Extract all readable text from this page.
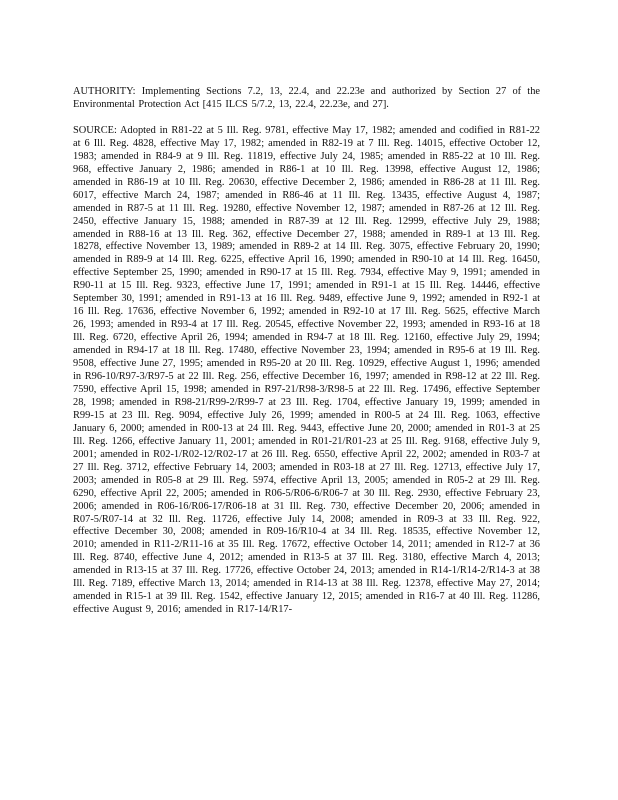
AUTHORITY: Implementing Sections 7.2, 13, 22.4, and 22.23e and authorized by Section 27 of the Environmental Protection Act [415 ILCS 5/7.2, 13, 22.4, 22.23e, and 27].

SOURCE: Adopted in R81-22 at 5 Ill. Reg. 9781, effective May 17, 1982; amended and codified in R81-22 at 6 Ill. Reg. 4828, effective May 17, 1982; amended in R82-19 at 7 Ill. Reg. 14015, effective October 12, 1983; amended in R84-9 at 9 Ill. Reg. 11819, effective July 24, 1985; amended in R85-22 at 10 Ill. Reg. 968, effective January 2, 1986; amended in R86-1 at 10 Ill. Reg. 13998, effective August 12, 1986; amended in R86-19 at 10 Ill. Reg. 20630, effective December 2, 1986; amended in R86-28 at 11 Ill. Reg. 6017, effective March 24, 1987; amended in R86-46 at 11 Ill. Reg. 13435, effective August 4, 1987; amended in R87-5 at 11 Ill. Reg. 19280, effective November 12, 1987; amended in R87-26 at 12 Ill. Reg. 2450, effective January 15, 1988; amended in R87-39 at 12 Ill. Reg. 12999, effective July 29, 1988; amended in R88-16 at 13 Ill. Reg. 362, effective December 27, 1988; amended in R89-1 at 13 Ill. Reg. 18278, effective November 13, 1989; amended in R89-2 at 14 Ill. Reg. 3075, effective February 20, 1990; amended in R89-9 at 14 Ill. Reg. 6225, effective April 16, 1990; amended in R90-10 at 14 Ill. Reg. 16450, effective September 25, 1990; amended in R90-17 at 15 Ill. Reg. 7934, effective May 9, 1991; amended in R90-11 at 15 Ill. Reg. 9323, effective June 17, 1991; amended in R91-1 at 15 Ill. Reg. 14446, effective September 30, 1991; amended in R91-13 at 16 Ill. Reg. 9489, effective June 9, 1992; amended in R92-1 at 16 Ill. Reg. 17636, effective November 6, 1992; amended in R92-10 at 17 Ill. Reg. 5625, effective March 26, 1993; amended in R93-4 at 17 Ill. Reg. 20545, effective November 22, 1993; amended in R93-16 at 18 Ill. Reg. 6720, effective April 26, 1994; amended in R94-7 at 18 Ill. Reg. 12160, effective July 29, 1994; amended in R94-17 at 18 Ill. Reg. 17480, effective November 23, 1994; amended in R95-6 at 19 Ill. Reg. 9508, effective June 27, 1995; amended in R95-20 at 20 Ill. Reg. 10929, effective August 1, 1996; amended in R96-10/R97-3/R97-5 at 22 Ill. Reg. 256, effective December 16, 1997; amended in R98-12 at 22 Ill. Reg. 7590, effective April 15, 1998; amended in R97-21/R98-3/R98-5 at 22 Ill. Reg. 17496, effective September 28, 1998; amended in R98-21/R99-2/R99-7 at 23 Ill. Reg. 1704, effective January 19, 1999; amended in R99-15 at 23 Ill. Reg. 9094, effective July 26, 1999; amended in R00-5 at 24 Ill. Reg. 1063, effective January 6, 2000; amended in R00-13 at 24 Ill. Reg. 9443, effective June 20, 2000; amended in R01-3 at 25 Ill. Reg. 1266, effective January 11, 2001; amended in R01-21/R01-23 at 25 Ill. Reg. 9168, effective July 9, 2001; amended in R02-1/R02-12/R02-17 at 26 Ill. Reg. 6550, effective April 22, 2002; amended in R03-7 at 27 Ill. Reg. 3712, effective February 14, 2003; amended in R03-18 at 27 Ill. Reg. 12713, effective July 17, 2003; amended in R05-8 at 29 Ill. Reg. 5974, effective April 13, 2005; amended in R05-2 at 29 Ill. Reg. 6290, effective April 22, 2005; amended in R06-5/R06-6/R06-7 at 30 Ill. Reg. 2930, effective February 23, 2006; amended in R06-16/R06-17/R06-18 at 31 Ill. Reg. 730, effective December 20, 2006; amended in R07-5/R07-14 at 32 Ill. Reg. 11726, effective July 14, 2008; amended in R09-3 at 33 Ill. Reg. 922, effective December 30, 2008; amended in R09-16/R10-4 at 34 Ill. Reg. 18535, effective November 12, 2010; amended in R11-2/R11-16 at 35 Ill. Reg. 17672, effective October 14, 2011; amended in R12-7 at 36 Ill. Reg. 8740, effective June 4, 2012; amended in R13-5 at 37 Ill. Reg. 3180, effective March 4, 2013; amended in R13-15 at 37 Ill. Reg. 17726, effective October 24, 2013; amended in R14-1/R14-2/R14-3 at 38 Ill. Reg. 7189, effective March 13, 2014; amended in R14-13 at 38 Ill. Reg. 12378, effective May 27, 2014; amended in R15-1 at 39 Ill. Reg. 1542, effective January 12, 2015; amended in R16-7 at 40 Ill. Reg. 11286, effective August 9, 2016; amended in R17-14/R17-
